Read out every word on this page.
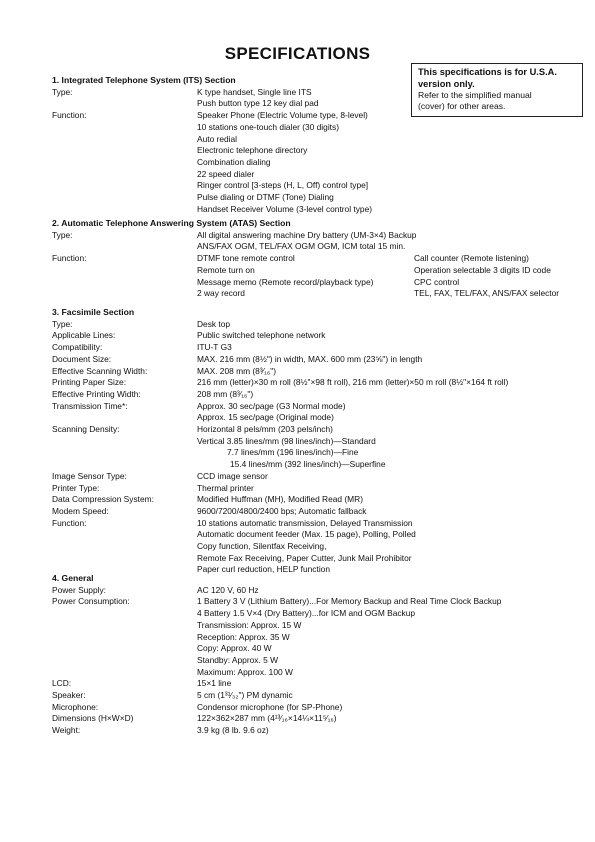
SPECIFICATIONS
This specifications is for U.S.A.
version only.
Refer to the simplified manual
(cover) for other areas.
1. Integrated Telephone System (ITS) Section
Type:	K type handset, Single line ITS
Push button type 12 key dial pad
Function:	Speaker Phone (Electric Volume type, 8-level)
10 stations one-touch dialer (30 digits)
Auto redial
Electronic telephone directory
Combination dialing
22 speed dialer
Ringer control [3-steps (H, L, Off) control type]
Pulse dialing or DTMF (Tone) Dialing
Handset Receiver Volume (3-level control type)
2. Automatic Telephone Answering System (ATAS) Section
Type:	All digital answering machine Dry battery (UM-3×4) Backup
ANS/FAX OGM, TEL/FAX OGM OGM, ICM total 15 min.
Function:	DTMF tone remote control	Call counter (Remote listening)
Remote turn on	Operation selectable 3 digits ID code
Message memo (Remote record/playback type)	CPC control
2 way record	TEL, FAX, TEL/FAX, ANS/FAX selector
3. Facsimile Section
Type:	Desk top
Applicable Lines:	Public switched telephone network
Compatibility:	ITU-T G3
Document Size:	MAX. 216 mm (8½") in width, MAX. 600 mm (23⅝") in length
Effective Scanning Width:	MAX. 208 mm (8³⁄₁₆")
Printing Paper Size:	216 mm (letter)×30 m roll (8½"×98 ft roll), 216 mm (letter)×50 m roll (8½"×164 ft roll)
Effective Printing Width:	208 mm (8³⁄₁₆")
Transmission Time*:	Approx. 30 sec/page (G3 Normal mode)
Approx. 15 sec/page (Original mode)
Scanning Density:	Horizontal 8 pels/mm (203 pels/inch)
Vertical 3.85 lines/mm (98 lines/inch)—Standard
7.7 lines/mm (196 lines/inch)—Fine
15.4 lines/mm (392 lines/inch)—Superfine
Image Sensor Type:	CCD image sensor
Printer Type:	Thermal printer
Data Compression System:	Modified Huffman (MH), Modified Read (MR)
Modem Speed:	9600/7200/4800/2400 bps; Automatic fallback
Function:	10 stations automatic transmission, Delayed Transmission
Automatic document feeder (Max. 15 page), Polling, Polled
Copy function, Silentfax Receiving,
Remote Fax Receiving, Paper Cutter, Junk Mail Prohibitor
Paper curl reduction, HELP function
4. General
Power Supply:	AC 120 V, 60 Hz
Power Consumption:	1 Battery 3 V (Lithium Battery)...For Memory Backup and Real Time Clock Backup
4 Battery 1.5 V×4 (Dry Battery)...for ICM and OGM Backup
Transmission: Approx. 15 W
Reception: Approx. 35 W
Copy: Approx. 40 W
Standby: Approx. 5 W
Maximum: Approx. 100 W
LCD:	15×1 line
Speaker:	5 cm (1³¹⁄₃₂") PM dynamic
Microphone:	Condensor microphone (for SP-Phone)
Dimensions (H×W×D)	122×362×287 mm (4¹³⁄₁₆×14¼×11⁵⁄₁₆)
Weight:	3.9 kg (8 lb. 9.6 oz)
